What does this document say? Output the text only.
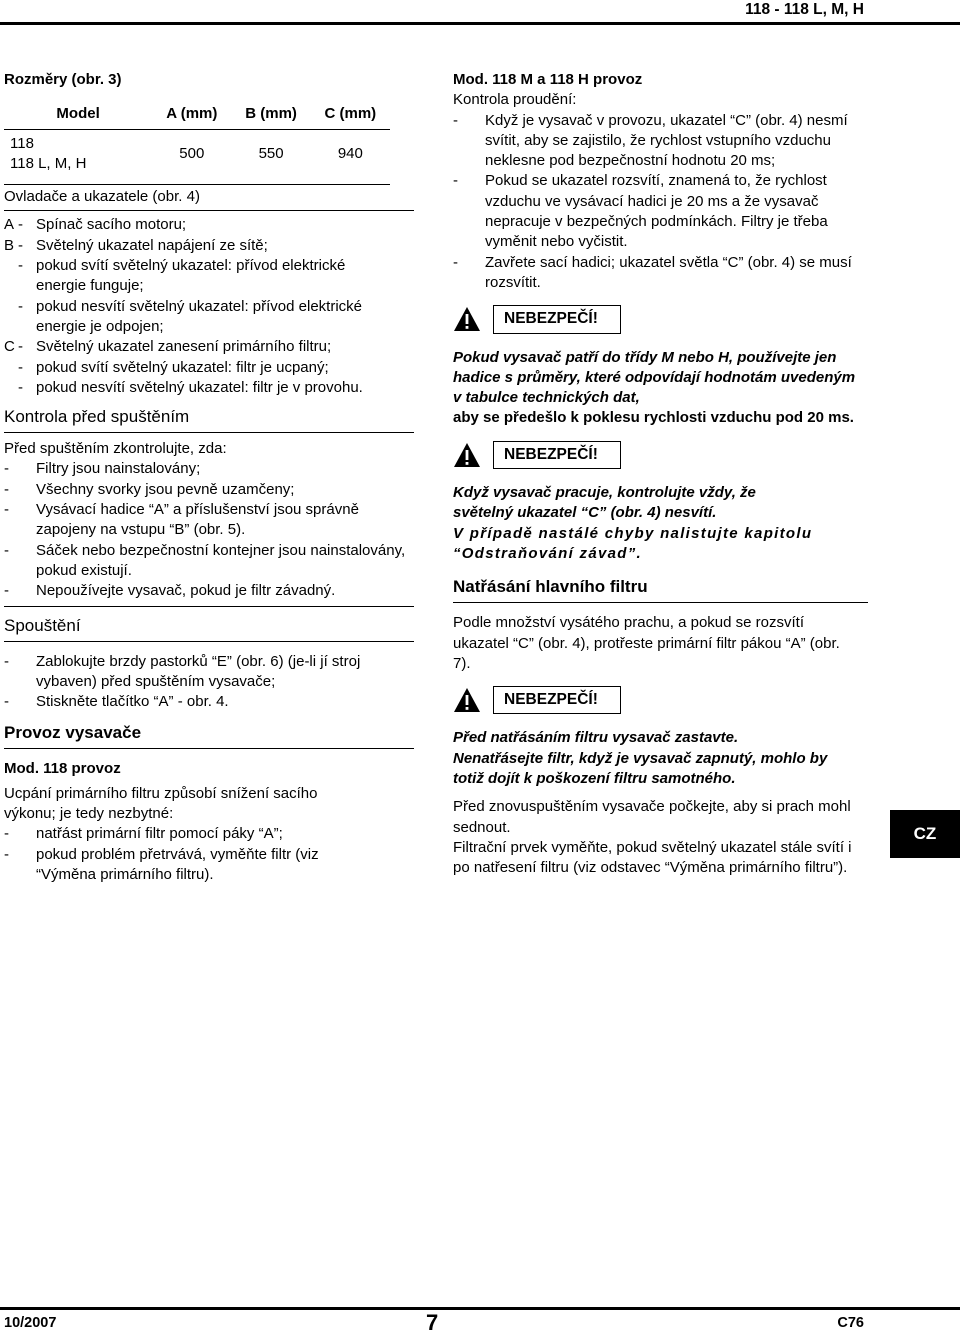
118 - 118 L, M, H

Rozměry (obr. 3)

Model	A (mm)	B (mm)	C (mm)

118
118 L, M, H	500	550	940

Ovladače a ukazatele (obr. 4)

A - Spínač sacího motoru;
B - Světelný ukazatel napájení ze sítě;
- pokud svítí světelný ukazatel: přívod elektrické energie funguje;
- pokud nesvítí světelný ukazatel: přívod elektrické energie je odpojen;
C - Světelný ukazatel zanesení primárního filtru;
- pokud svítí světelný ukazatel: filtr je ucpaný;
- pokud nesvítí světelný ukazatel: filtr je v provohu.
Kontrola před spuštěním

Před spuštěním zkontrolujte, zda:

-	Filtry jsou nainstalovány;
-	Všechny svorky jsou pevně uzamčeny;
-	Vysávací hadice “A” a příslušenství jsou správně zapojeny na vstupu “B” (obr. 5).
-	Sáček nebo bezpečnostní kontejner jsou nainstalovány, pokud existují.
-	Nepoužívejte vysavač, pokud je filtr závadný.
Spouštění
-	Zablokujte brzdy pastorků “E” (obr. 6) (je-li jí stroj vybaven) před spuštěním vysavače;
-	Stiskněte tlačítko “A” - obr. 4.
Provoz vysavače

Mod. 118 provoz

Ucpání primárního filtru způsobí snížení sacího výkonu; je tedy nezbytné:

-	natřást primární filtr pomocí páky “A”;
-	pokud problém přetrvává, vyměňte filtr (viz “Výměna primárního filtru).

Mod. 118 M a 118 H provoz

Kontrola proudění:

-	Když je vysavač v provozu, ukazatel “C” (obr. 4) nesmí svítit, aby se zajistilo, že rychlost vstupního vzduchu neklesne pod bezpečnostní hodnotu 20 ms;
-	Pokud se ukazatel rozsvítí, znamená to, že rychlost vzduchu ve vysávací hadici je 20 ms a že vysavač nepracuje v bezpečných podmínkách. Filtry je třeba vyměnit nebo vyčistit.
-	Zavřete sací hadici; ukazatel světla “C” (obr. 4) se musí rozsvítit.
NEBEZPEČÍ!

Pokud vysavač patří do třídy M nebo H, používejte jen hadice s průměry, které odpovídají hodnotám uvedeným v tabulce technických dat,

aby se předešlo k poklesu rychlosti vzduchu pod 20 ms.

NEBEZPEČÍ!

Když vysavač pracuje, kontrolujte vždy, že světelný ukazatel “C” (obr. 4) nesvítí.

V případě nastálé chyby nalistujte kapitolu “Odstraňování závad”.

Natřásání hlavního filtru

Podle množství vysátého prachu, a pokud se rozsvítí ukazatel “C” (obr. 4), protřeste primární filtr pákou “A” (obr. 7).

NEBEZPEČÍ!

Před natřásáním filtru vysavač zastavte.

Nenatřásejte filtr, když je vysavač zapnutý, mohlo by totiž dojít k poškození filtru samotného.

Před znovuspuštěním vysavače počkejte, aby si prach mohl sednout.

Filtrační prvek vyměňte, pokud světelný ukazatel stále svítí i po natřesení filtru (viz odstavec “Výměna primárního filtru”).

CZ
10/2007	7	C76
